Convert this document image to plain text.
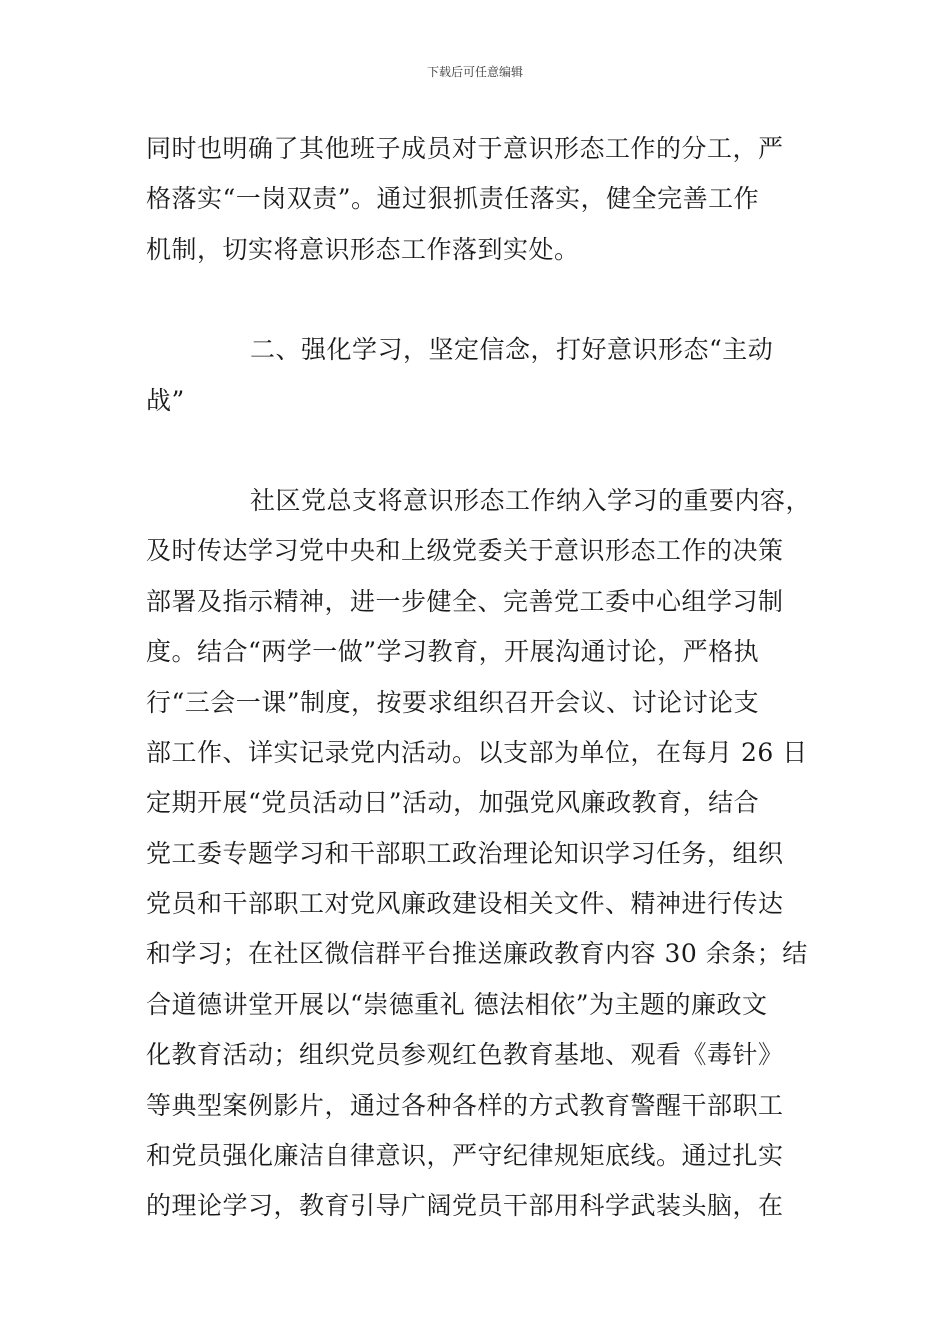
下载后可任意编辑
同时也明确了其他班子成员对于意识形态工作的分工，严
格落实“一岗双责”。通过狠抓责任落实，健全完善工作
机制，切实将意识形态工作落到实处。
二、强化学习，坚定信念，打好意识形态“主动
战”
社区党总支将意识形态工作纳入学习的重要内容，
及时传达学习党中央和上级党委关于意识形态工作的决策
部署及指示精神，进一步健全、完善党工委中心组学习制
度。结合“两学一做”学习教育，开展沟通讨论，严格执
行“三会一课”制度，按要求组织召开会议、讨论讨论支
部工作、详实记录党内活动。以支部为单位，在每月 26 日
定期开展“党员活动日”活动，加强党风廉政教育，结合
党工委专题学习和干部职工政治理论知识学习任务，组织
党员和干部职工对党风廉政建设相关文件、精神进行传达
和学习；在社区微信群平台推送廉政教育内容 30 余条；结
合道德讲堂开展以“崇德重礼 德法相依”为主题的廉政文
化教育活动；组织党员参观红色教育基地、观看《毒针》
等典型案例影片，通过各种各样的方式教育警醒干部职工
和党员强化廉洁自律意识，严守纪律规矩底线。通过扎实
的理论学习，教育引导广阔党员干部用科学武装头脑，在
